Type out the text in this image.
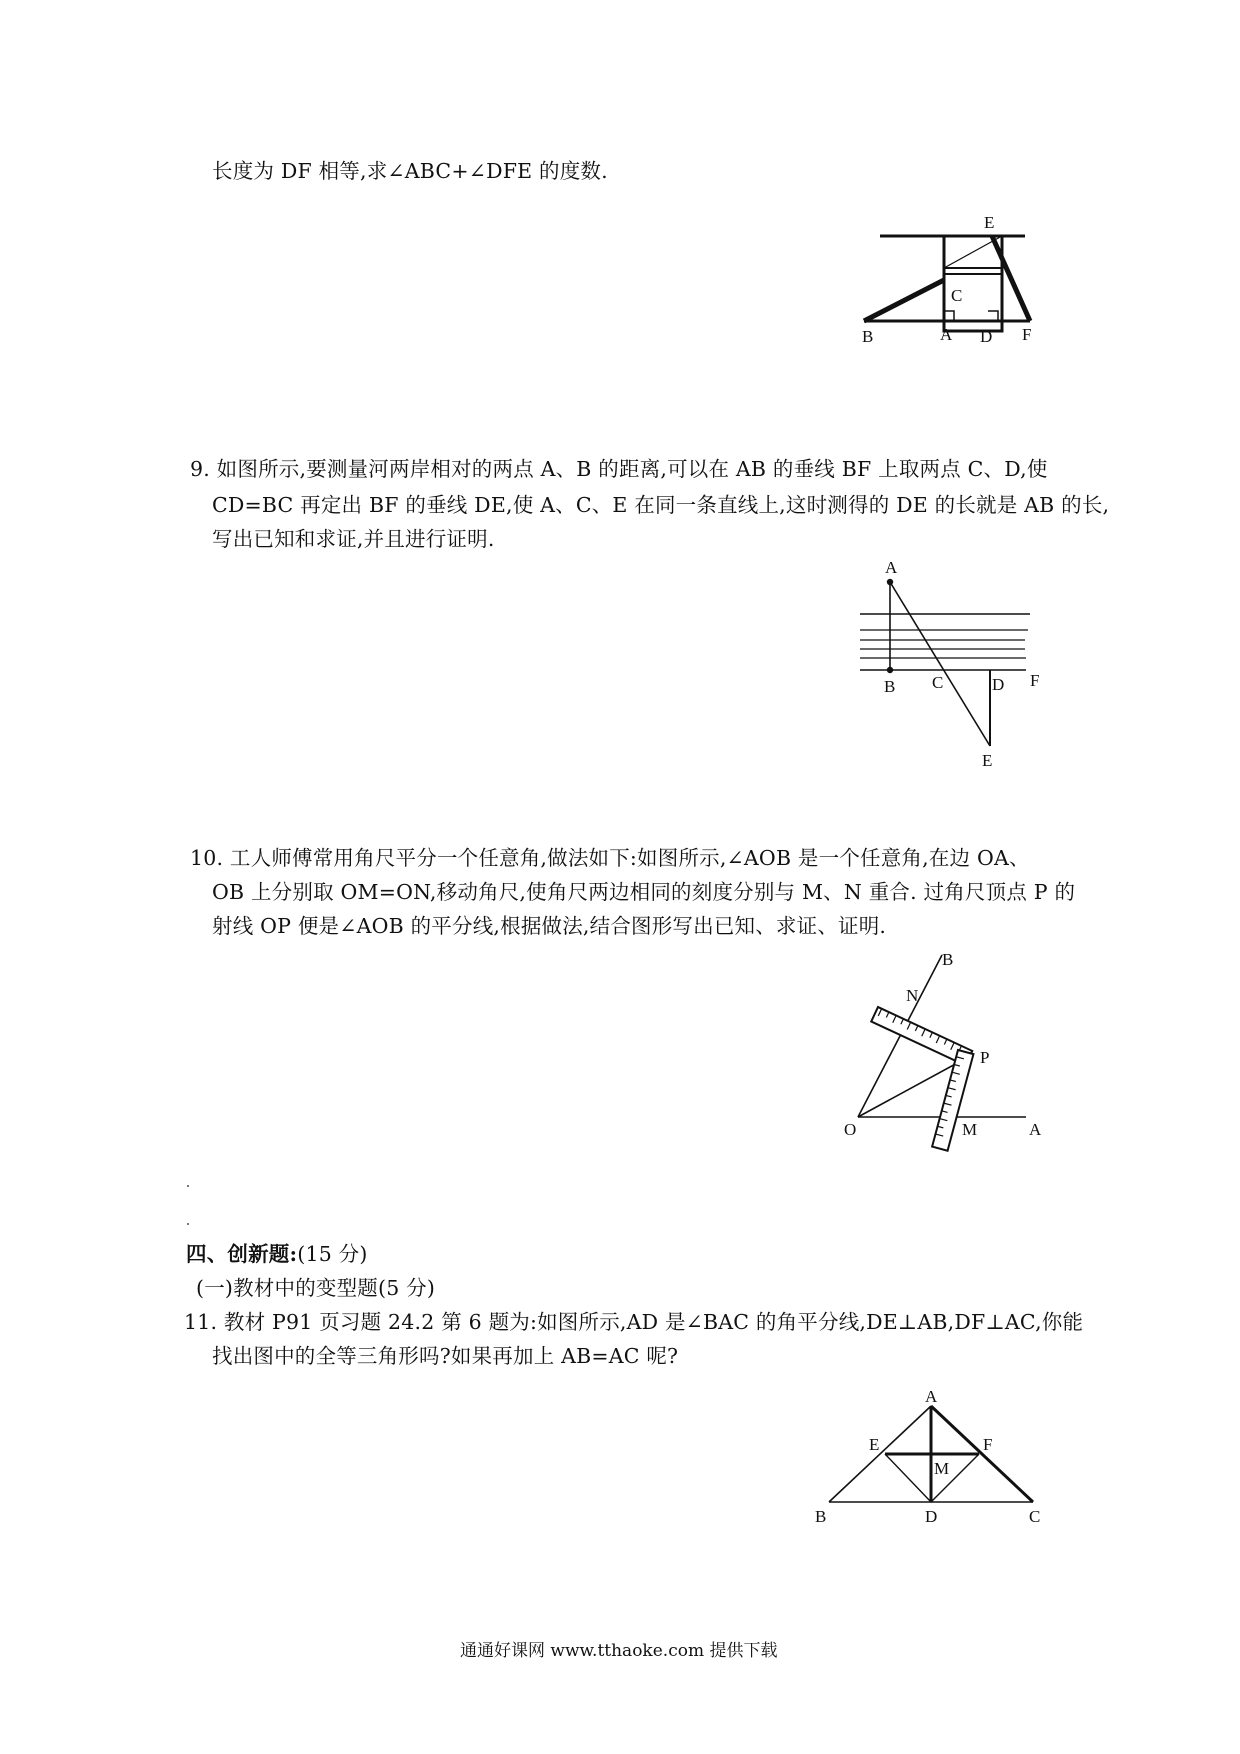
长度为 DF 相等,求∠ABC+∠DFE 的度数.
E
C
B	A D F
9. 如图所示,要测量河两岸相对的两点 A、B 的距离,可以在 AB 的垂线 BF 上取两点 C、D,使
CD=BC 再定出 BF 的垂线 DE,使 A、C、E 在同一条直线上,这时测得的 DE 的长就是 AB 的长,
写出已知和求证,并且进行证明.
A
B C	D F
E
10. 工人师傅常用角尺平分一个任意角,做法如下:如图所示,∠AOB 是一个任意角,在边 OA、
OB 上分别取 OM=ON,移动角尺,使角尺两边相同的刻度分别与 M、N 重合. 过角尺顶点 P 的
射线 OP 便是∠AOB 的平分线,根据做法,结合图形写出已知、求证、证明.
B
N
P
O	M	A
四、创新题:(15 分)
(一)教材中的变型题(5 分)
11. 教材 P91 页习题 24.2 第 6 题为:如图所示,AD 是∠BAC 的角平分线,DE⊥AB,DF⊥AC,你能
找出图中的全等三角形吗?如果再加上 AB=AC 呢?
A
E	F
M
B	D	C
通通好课网 www.tthaoke.com 提供下载
